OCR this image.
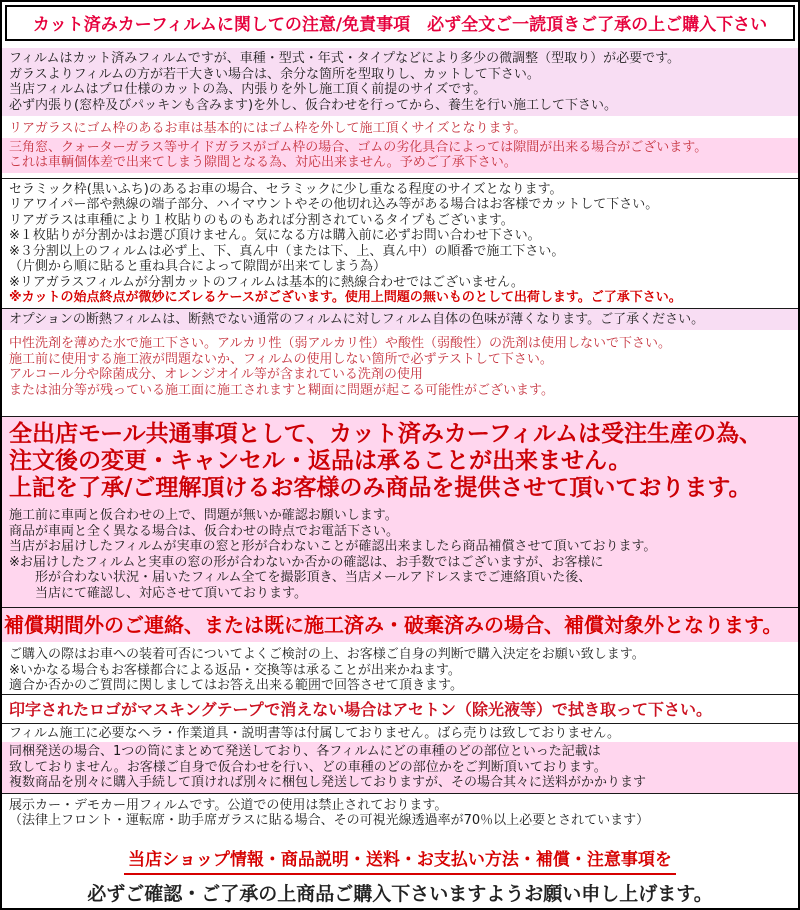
カット済みカーフィルムに関しての注意/免責事項　必ず全文ご一読頂きご了承の上ご購入下さい
フィルムはカット済みフィルムですが、車種・型式・年式・タイプなどにより多少の微調整（型取り）が必要です。
ガラスよりフィルムの方が若干大きい場合は、余分な箇所を型取りし、カットして下さい。
当店フィルムはプロ仕様のカットの為、内張りを外し施工頂く前提のサイズです。
必ず内張り(窓枠及びパッキンも含みます)を外し、仮合わせを行ってから、養生を行い施工して下さい。
リアガラスにゴム枠のあるお車は基本的にはゴム枠を外して施工頂くサイズとなります。
三角窓、クォーターガラス等サイドガラスがゴム枠の場合、ゴムの劣化具合によっては隙間が出来る場合がございます。
これは車輌個体差で出来てしまう隙間となる為、対応出来ません。予めご了承下さい。
セラミック枠(黒いふち)のあるお車の場合、セラミックに少し重なる程度のサイズとなります。
リアワイパー部や熱線の端子部分、ハイマウントやその他切れ込み等がある場合はお客様でカットして下さい。
リアガラスは車種により１枚貼りのものもあれば分割されているタイプもございます。
※１枚貼りが分割かはお選び頂けません。気になる方は購入前に必ずお問い合わせ下さい。
※３分割以上のフィルムは必ず上、下、真ん中（または下、上、真ん中）の順番で施工下さい。
（片側から順に貼ると重ね具合によって隙間が出来てしまう為）
※リアガラスフィルムが分割カットのフィルムは基本的に熱線合わせではございません。
※カットの始点終点が微妙にズレるケースがございます。使用上問題の無いものとして出荷します。ご了承下さい。
オプションの断熱フィルムは、断熱でない通常のフィルムに対しフィルム自体の色味が薄くなります。ご了承ください。
中性洗剤を薄めた水で施工下さい。アルカリ性（弱アルカリ性）や酸性（弱酸性）の洗剤は使用しないで下さい。
施工前に使用する施工液が問題ないか、フィルムの使用しない箇所で必ずテストして下さい。
アルコール分や除菌成分、オレンジオイル等が含まれている洗剤の使用
または油分等が残っている施工面に施工されますと糊面に問題が起こる可能性がございます。
全出店モール共通事項として、カット済みカーフィルムは受注生産の為、
注文後の変更・キャンセル・返品は承ることが出来ません。
上記を了承/ご理解頂けるお客様のみ商品を提供させて頂いております。
施工前に車両と仮合わせの上で、問題が無いか確認お願いします。
商品が車両と全く異なる場合は、仮合わせの時点でお電話下さい。
当店がお届けしたフィルムが実車の窓と形が合わないことが確認出来ましたら商品補償させて頂いております。
※お届けしたフィルムと実車の窓の形が合わないか否かの確認は、お手数ではございますが、お客様に
　　形が合わない状況・届いたフィルム全てを撮影頂き、当店メールアドレスまでご連絡頂いた後、
　　当店にて確認し、対応させて頂いております。
補償期間外のご連絡、または既に施工済み・破棄済みの場合、補償対象外となります。
ご購入の際はお車への装着可否についてよくご検討の上、お客様ご自身の判断で購入決定をお願い致します。
※いかなる場合もお客様都合による返品・交換等は承ることが出来かねます。
適合か否かのご質問に関しましてはお答え出来る範囲で回答させて頂きます。
印字されたロゴがマスキングテープで消えない場合はアセトン（除光液等）で拭き取って下さい。
フィルム施工に必要なヘラ・作業道具・説明書等は付属しておりません。ばら売りは致しておりません。
同梱発送の場合、1つの筒にまとめて発送しており、各フィルムにどの車種のどの部位といった記載は
致しておりません。お客様ご自身で仮合わせを行い、どの車種のどの部位かをご判断頂いております。
複数商品を別々に購入手続して頂ければ別々に梱包し発送しておりますが、その場合其々に送料がかかります
展示カー・デモカー用フィルムです。公道での使用は禁止されております。
（法律上フロント・運転席・助手席ガラスに貼る場合、その可視光線透過率が70％以上必要とされています）
当店ショップ情報・商品説明・送料・お支払い方法・補償・注意事項を
必ずご確認・ご了承の上商品ご購入下さいますようお願い申し上げます。
